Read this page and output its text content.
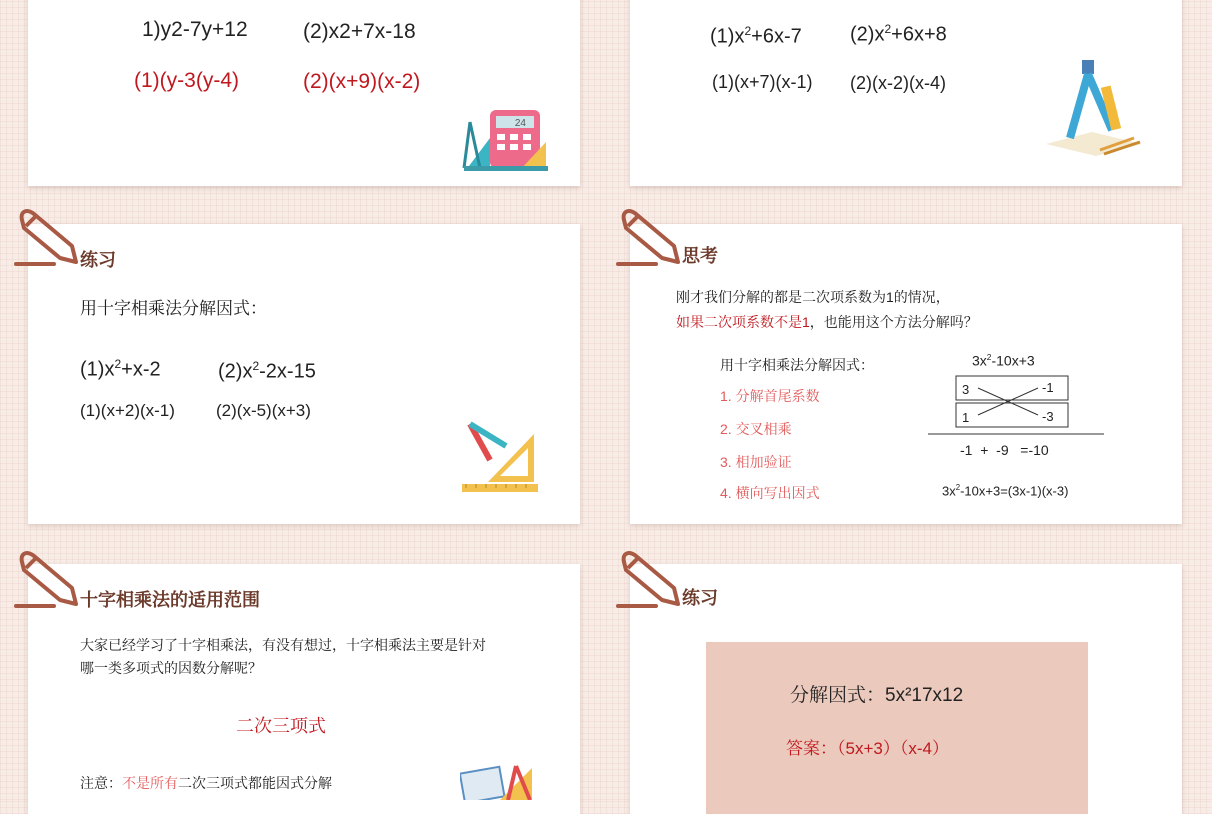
1)y2-7y+12	(2)x2+7x-18
(1)(y-3(y-4)	(2)(x+9)(x-2)
24
$(1)x^2+6x-7$ $(2)x^2+6x+8$
(1)(x+7)(x-1) (2)(x-2)(x-4)
练习
用十字相乘法分解因式：
$(1)x^2+x-2$	$(2)x^2-2x-15$
(1)(x+2)(x-1) (2)(x-5)(x+3)
思考
刚才我们分解的都是二次项系数为1的情况，
如果二次项系数不是1，也能用这个方法分解吗？
用十字相乘法分解因式：
1. 分解首尾系数
2. 交叉相乘
3. 相加验证
4. 横向写出因式
$3x^2-10x+3$
3	-1
1	-3
-1  +  -9   =-10
$3x^2-10x+3=(3x-1)(x-3)$
十字相乘法的适用范围
大家已经学习了十字相乘法，有没有想过，十字相乘法主要是针对
哪一类多项式的因数分解呢？
二次三项式
注意：不是所有二次三项式都能因式分解
练习
分解因式：5x²17x12
答案：（5x+3）（x-4）
